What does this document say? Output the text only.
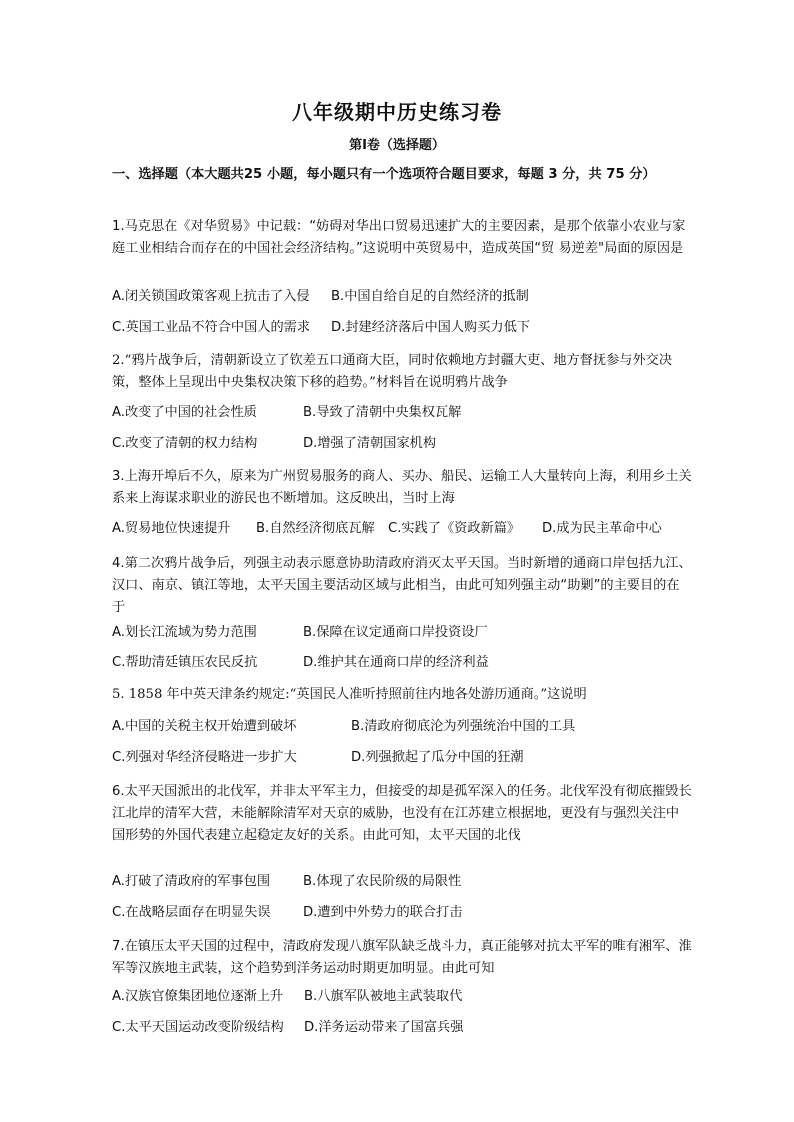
八年级期中历史练习卷
第I卷（选择题）
一、选择题（本大题共25 小题，每小题只有一个选项符合题目要求，每题 3 分，共 75 分）
1.马克思在《对华贸易》中记载：“妨碍对华出口贸易迅速扩大的主要因素，是那个依靠小农业与家庭工业相结合而存在的中国社会经济结构。”这说明中英贸易中，造成英国“贸 易逆差"局面的原因是
A.闭关锁国政策客观上抗击了入侵 B.中国自给自足的自然经济的抵制
C.英国工业品不符合中国人的需求 D.封建经济落后中国人购买力低下
2.“鸦片战争后，清朝新设立了钦差五口通商大臣，同时依赖地方封疆大吏、地方督抚参与外交决策，整体上呈现出中央集权决策下移的趋势。”材料旨在说明鸦片战争
A.改变了中国的社会性质	B.导致了清朝中央集权瓦解
C.改变了清朝的权力结构	D.增强了清朝国家机构
3.上海开埠后不久，原来为广州贸易服务的商人、买办、船民、运输工人大量转向上海，利用乡土关系来上海谋求职业的游民也不断增加。这反映出，当时上海
A.贸易地位快速提升 B.自然经济彻底瓦解 C.实践了《资政新篇》 D.成为民主革命中心
4.第二次鸦片战争后，列强主动表示愿意协助清政府消灭太平天国。当时新增的通商口岸包括九江、汉口、南京、镇江等地，太平天国主要活动区域与此相当，由此可知列强主动“助剿”的主要目的在于
A.划长江流域为势力范围	B.保障在议定通商口岸投资设厂
C.帮助清廷镇压农民反抗	D.维护其在通商口岸的经济利益
5. 1858 年中英天津条约规定:“英国民人准听持照前往内地各处游历通商。”这说明
A.中国的关税主权开始遭到破坏	B.清政府彻底沦为列强统治中国的工具
C.列强对华经济侵略进一步扩大	D.列强掀起了瓜分中国的狂潮
6.太平天国派出的北伐军，并非太平军主力，但接受的却是孤军深入的任务。北伐军没有彻底摧毁长江北岸的清军大营，未能解除清军对天京的威胁，也没有在江苏建立根据地，更没有与强烈关注中国形势的外国代表建立起稳定友好的关系。由此可知，太平天国的北伐
A.打破了清政府的军事包围 B.体现了农民阶级的局限性
C.在战略层面存在明显失误 D.遭到中外势力的联合打击
7.在镇压太平天国的过程中，清政府发现八旗军队缺乏战斗力，真正能够对抗太平军的唯有湘军、淮军等汉族地主武装，这个趋势到洋务运动时期更加明显。由此可知
A.汉族官僚集团地位逐渐上升 B.八旗军队被地主武装取代
C.太平天国运动改变阶级结构 D.洋务运动带来了国富兵强
